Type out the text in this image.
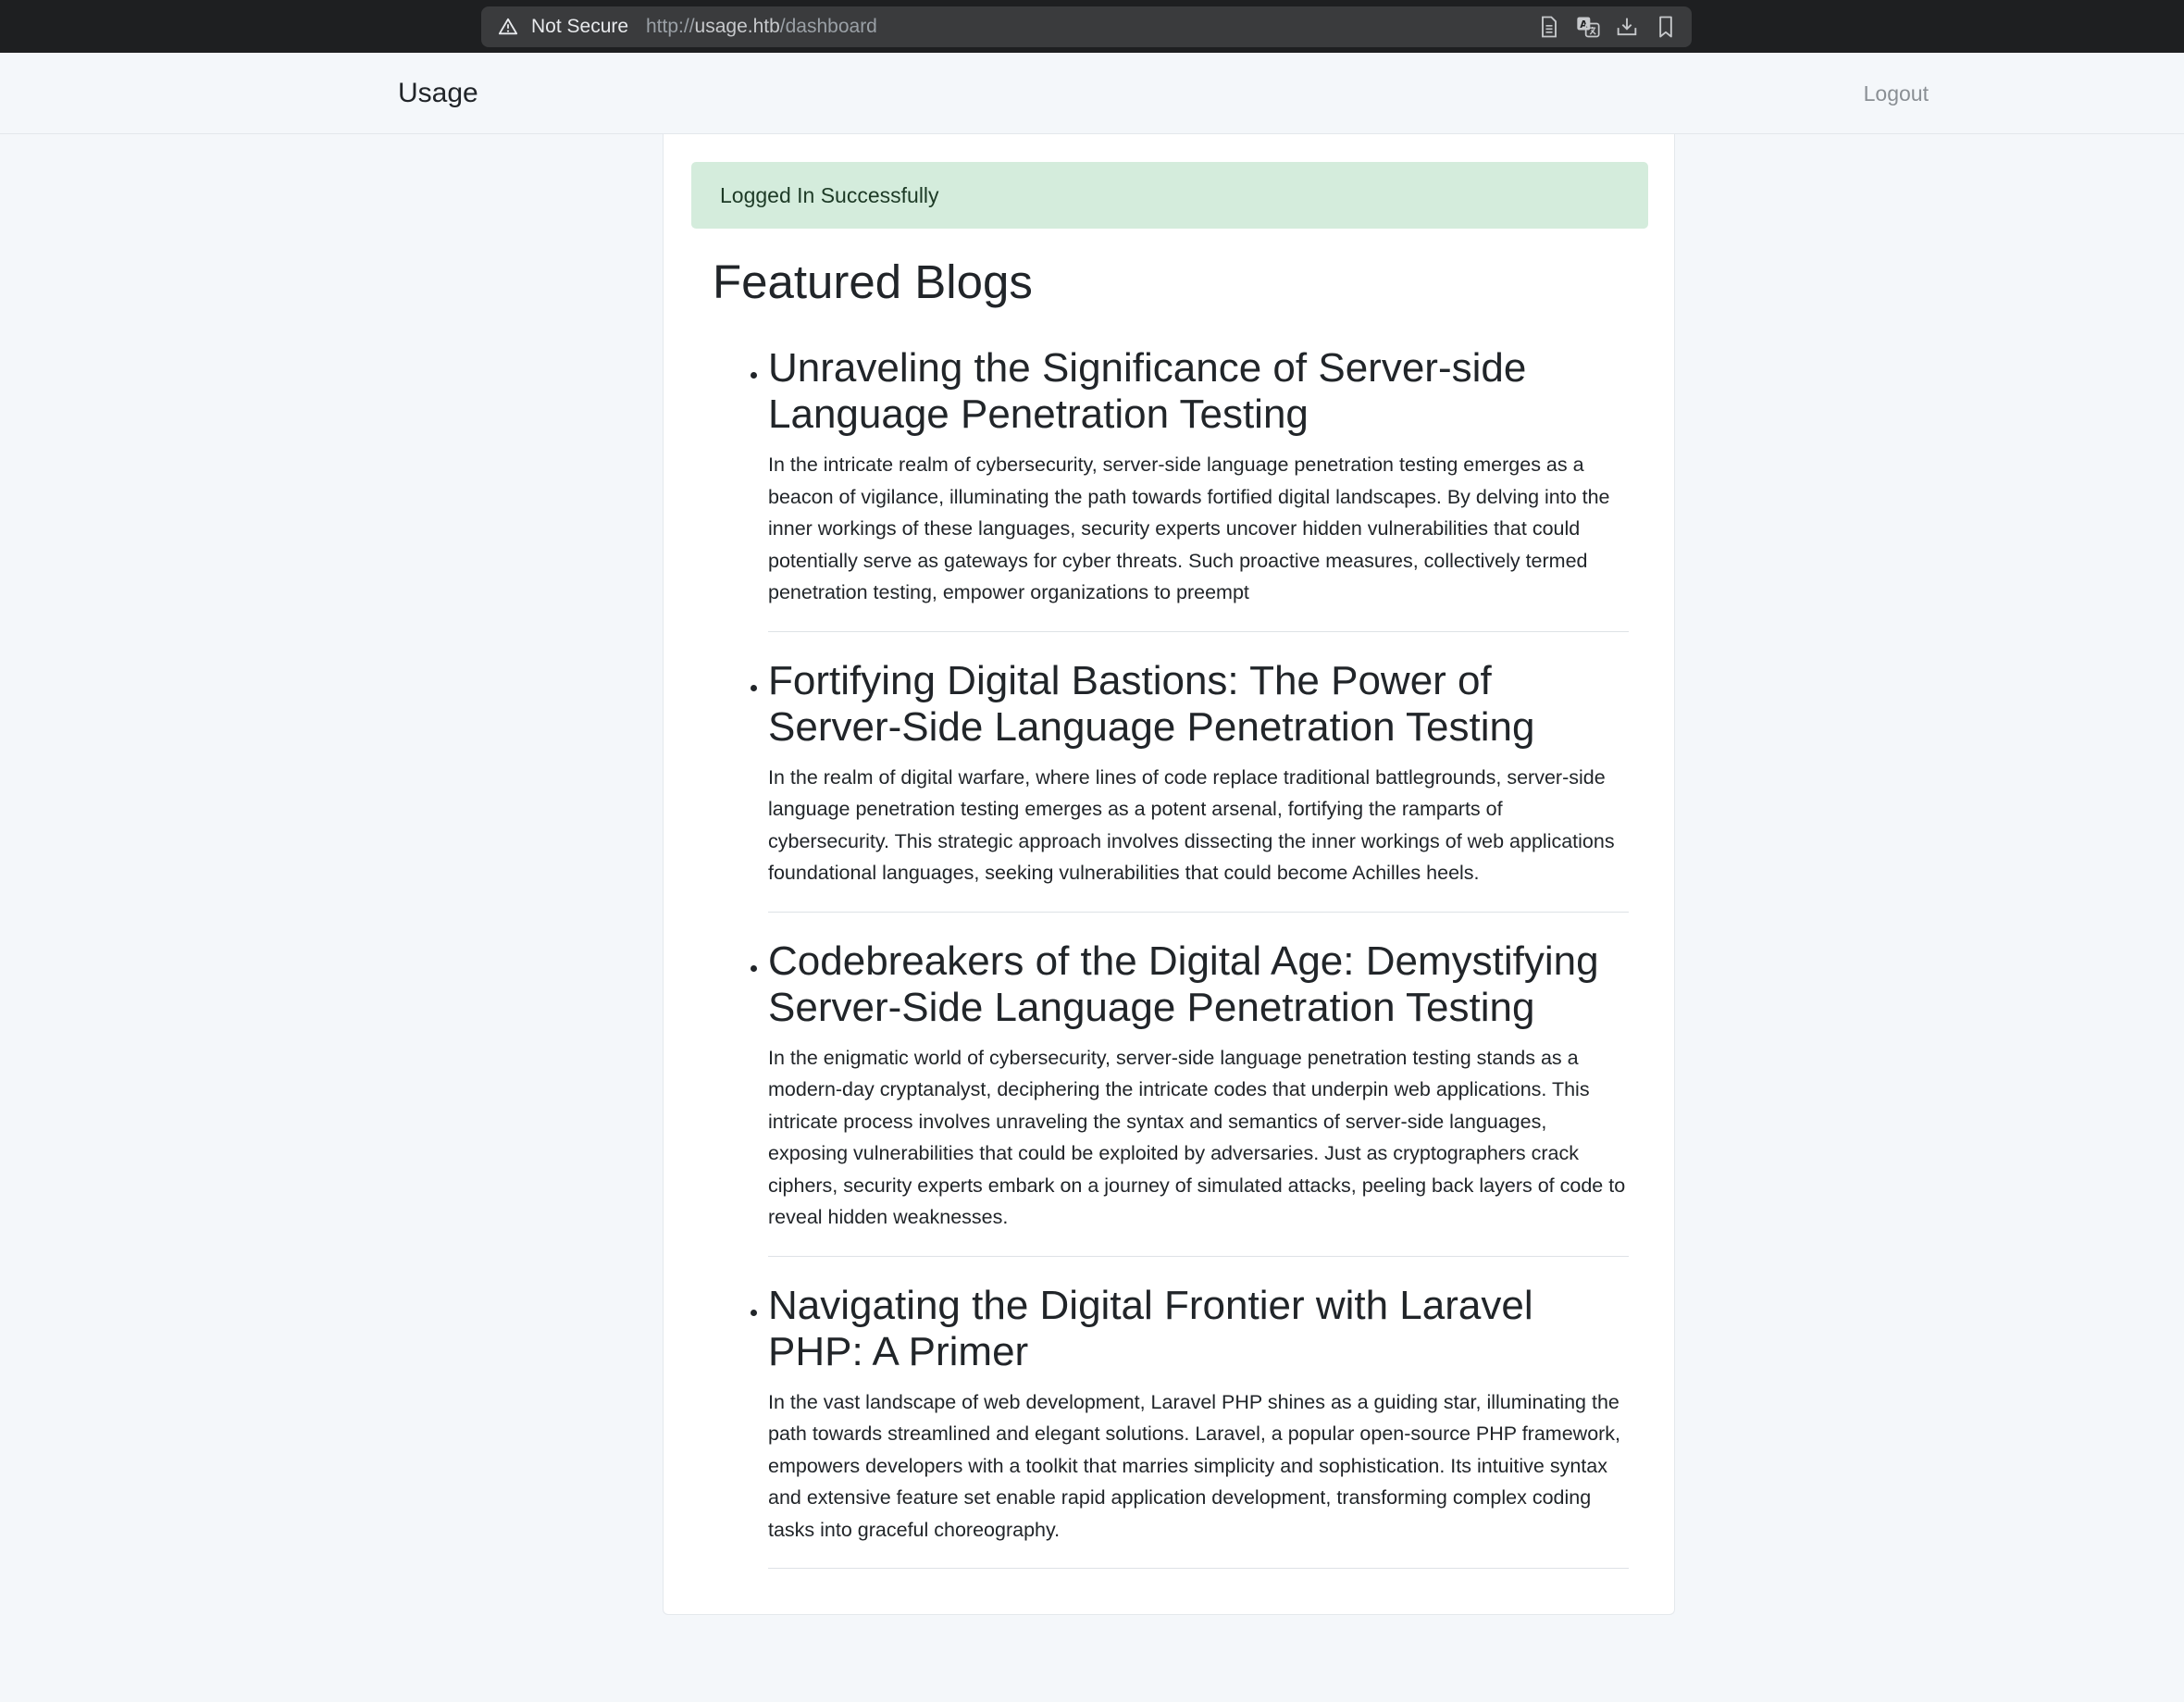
Not Secure http://usage.htb/dashboard	A
Usage	Logout
Logged In Successfully
Featured Blogs
Unraveling the Significance of Server-side Language Penetration Testing

In the intricate realm of cybersecurity, server-side language penetration testing emerges as a beacon of vigilance, illuminating the path towards fortified digital landscapes. By delving into the inner workings of these languages, security experts uncover hidden vulnerabilities that could potentially serve as gateways for cyber threats. Such proactive measures, collectively termed penetration testing, empower organizations to preempt

Fortifying Digital Bastions: The Power of Server-Side Language Penetration Testing

In the realm of digital warfare, where lines of code replace traditional battlegrounds, server-side language penetration testing emerges as a potent arsenal, fortifying the ramparts of cybersecurity. This strategic approach involves dissecting the inner workings of web applications foundational languages, seeking vulnerabilities that could become Achilles heels.

Codebreakers of the Digital Age: Demystifying Server-Side Language Penetration Testing

In the enigmatic world of cybersecurity, server-side language penetration testing stands as a modern-day cryptanalyst, deciphering the intricate codes that underpin web applications. This intricate process involves unraveling the syntax and semantics of server-side languages, exposing vulnerabilities that could be exploited by adversaries. Just as cryptographers crack ciphers, security experts embark on a journey of simulated attacks, peeling back layers of code to reveal hidden weaknesses.

Navigating the Digital Frontier with Laravel PHP: A Primer

In the vast landscape of web development, Laravel PHP shines as a guiding star, illuminating the path towards streamlined and elegant solutions. Laravel, a popular open-source PHP framework, empowers developers with a toolkit that marries simplicity and sophistication. Its intuitive syntax and extensive feature set enable rapid application development, transforming complex coding tasks into graceful choreography.
